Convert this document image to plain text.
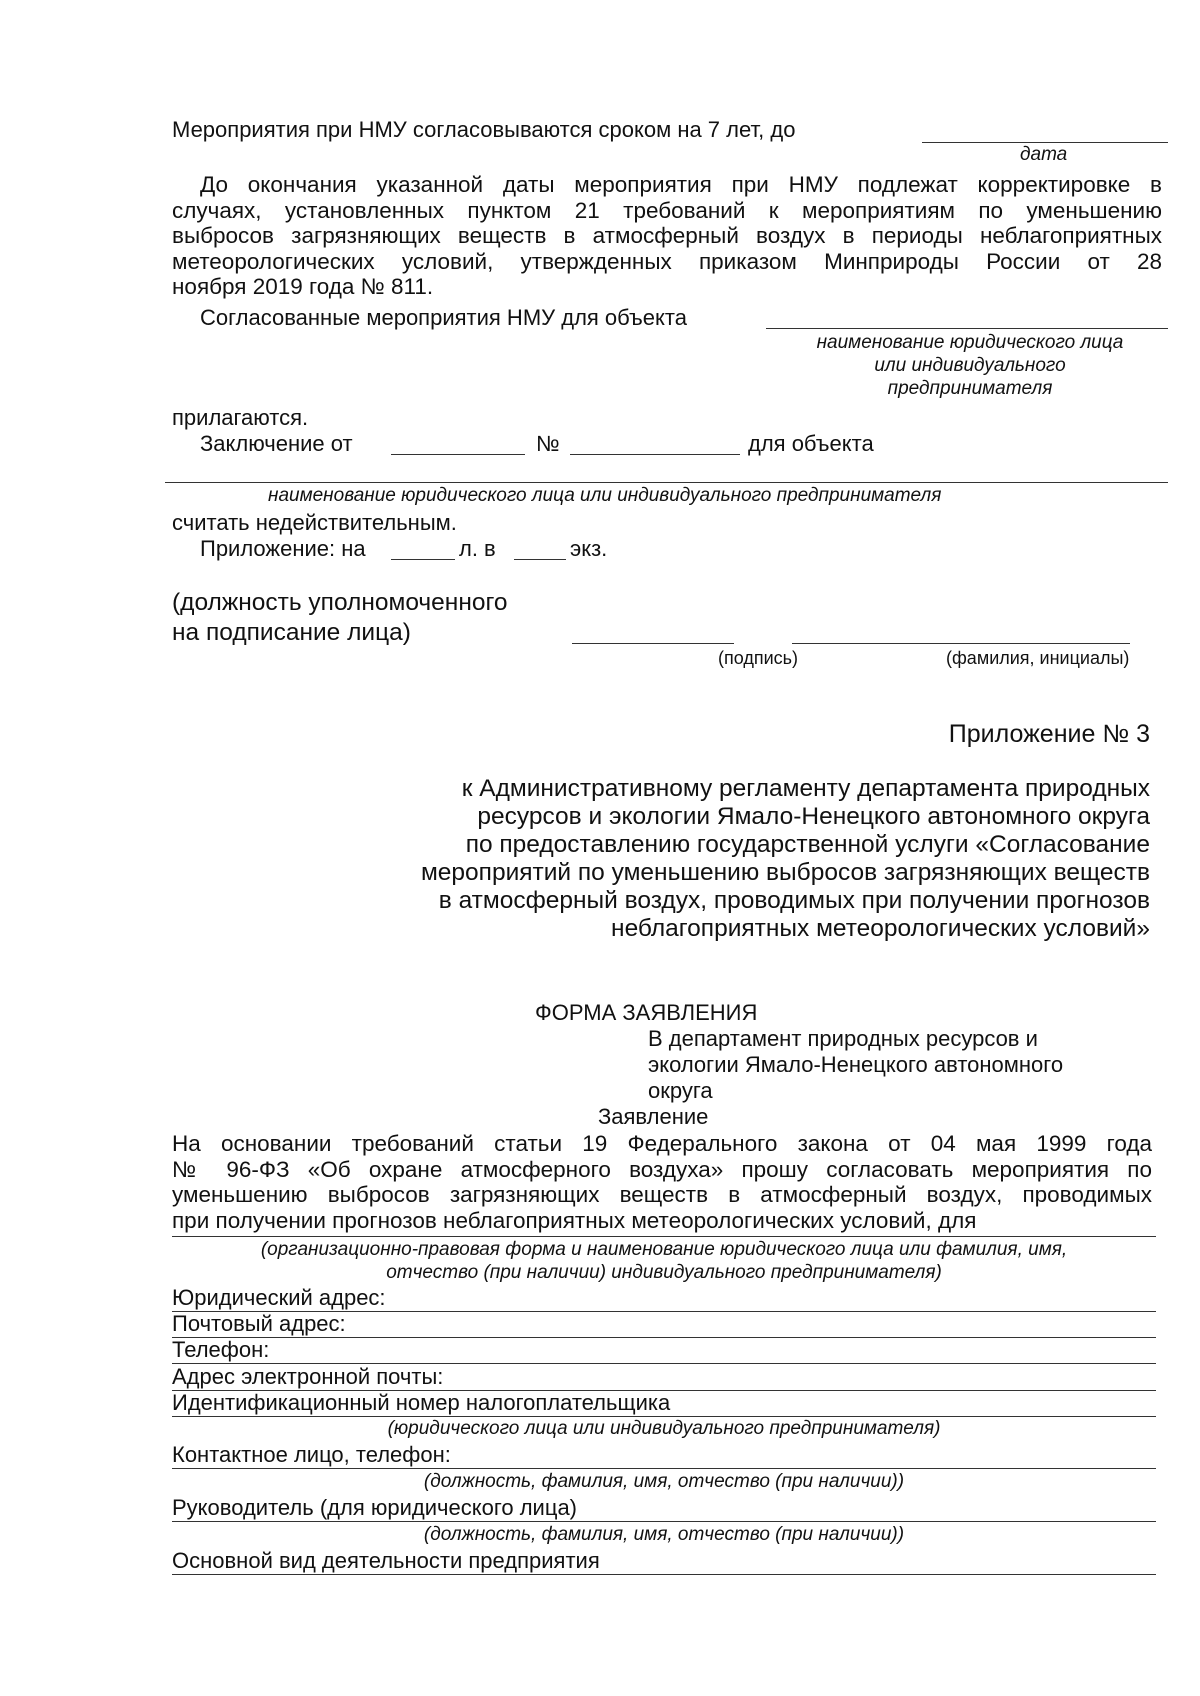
Мероприятия при НМУ согласовываются сроком на 7 лет, до
дата
До окончания указанной даты мероприятия при НМУ подлежат корректировке в
случаях, установленных пунктом 21 требований к мероприятиям по уменьшению
выбросов загрязняющих веществ в атмосферный воздух в периоды неблагоприятных
метеорологических условий, утвержденных приказом Минприроды России от 28
ноября 2019 года № 811.
Согласованные мероприятия НМУ для объекта
наименование юридического лица
или индивидуального
предпринимателя
прилагаются.
Заключение от	№	для объекта
наименование юридического лица или индивидуального предпринимателя
считать недействительным.
Приложение: на	л. в	экз.
(должность уполномоченного
на подписание лица)
(подпись)	(фамилия, инициалы)
Приложение № 3
к Административному регламенту департамента природных
ресурсов и экологии Ямало-Ненецкого автономного округа
по предоставлению государственной услуги «Согласование
мероприятий по уменьшению выбросов загрязняющих веществ
в атмосферный воздух, проводимых при получении прогнозов
неблагоприятных метеорологических условий»
ФОРМА ЗАЯВЛЕНИЯ
В департамент природных ресурсов и
экологии Ямало-Ненецкого автономного
округа
Заявление
На основании требований статьи 19 Федерального закона от 04 мая 1999 года
№ 96-ФЗ «Об охране атмосферного воздуха» прошу согласовать мероприятия по
уменьшению выбросов загрязняющих веществ в атмосферный воздух, проводимых
при получении прогнозов неблагоприятных метеорологических условий, для
(организационно-правовая форма и наименование юридического лица или фамилия, имя,
отчество (при наличии) индивидуального предпринимателя)
Юридический адрес:
Почтовый адрес:
Телефон:
Адрес электронной почты:
Идентификационный номер налогоплательщика
(юридического лица или индивидуального предпринимателя)
Контактное лицо, телефон:
(должность, фамилия, имя, отчество (при наличии))
Руководитель (для юридического лица)
(должность, фамилия, имя, отчество (при наличии))
Основной вид деятельности предприятия
